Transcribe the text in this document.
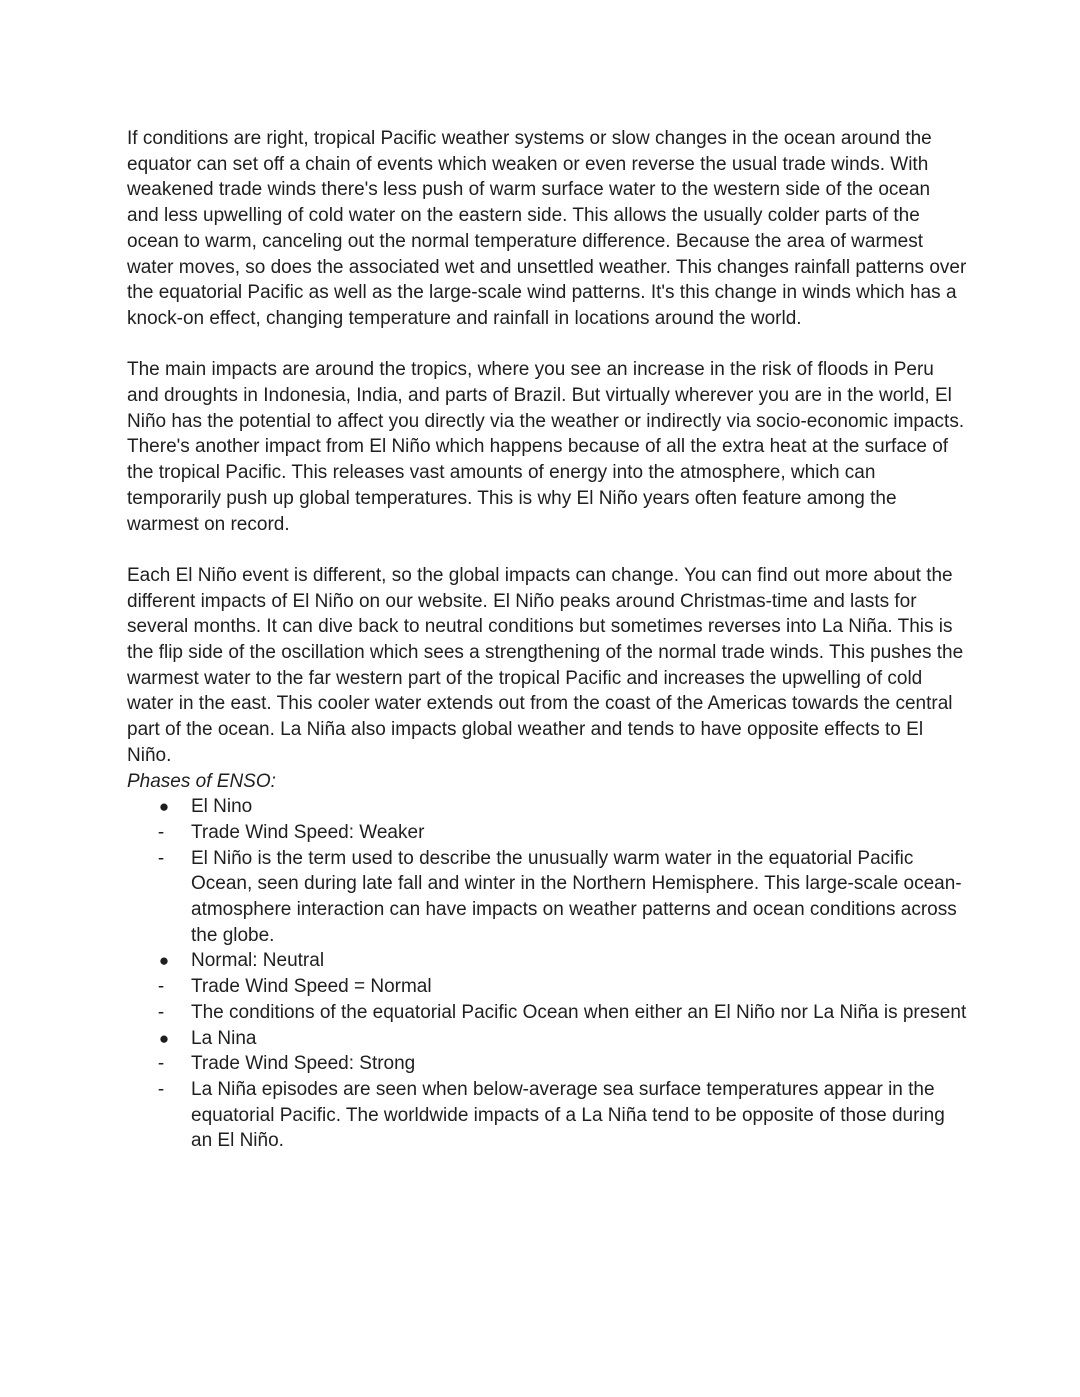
If conditions are right, tropical Pacific weather systems or slow changes in the ocean around the equator can set off a chain of events which weaken or even reverse the usual trade winds. With weakened trade winds there's less push of warm surface water to the western side of the ocean and less upwelling of cold water on the eastern side. This allows the usually colder parts of the ocean to warm, canceling out the normal temperature difference. Because the area of warmest water moves, so does the associated wet and unsettled weather. This changes rainfall patterns over the equatorial Pacific as well as the large-scale wind patterns. It's this change in winds which has a knock-on effect, changing temperature and rainfall in locations around the world.

The main impacts are around the tropics, where you see an increase in the risk of floods in Peru and droughts in Indonesia, India, and parts of Brazil. But virtually wherever you are in the world, El Niño has the potential to affect you directly via the weather or indirectly via socio-economic impacts. There's another impact from El Niño which happens because of all the extra heat at the surface of the tropical Pacific. This releases vast amounts of energy into the atmosphere, which can temporarily push up global temperatures. This is why El Niño years often feature among the warmest on record.

Each El Niño event is different, so the global impacts can change. You can find out more about the different impacts of El Niño on our website. El Niño peaks around Christmas-time and lasts for several months. It can dive back to neutral conditions but sometimes reverses into La Niña. This is the flip side of the oscillation which sees a strengthening of the normal trade winds. This pushes the warmest water to the far western part of the tropical Pacific and increases the upwelling of cold water in the east. This cooler water extends out from the coast of the Americas towards the central part of the ocean. La Niña also impacts global weather and tends to have opposite effects to El Niño.

Phases of ENSO:

● El Nino
-	Trade Wind Speed: Weaker
-	El Niño is the term used to describe the unusually warm water in the equatorial Pacific Ocean, seen during late fall and winter in the Northern Hemisphere. This large-scale ocean-atmosphere interaction can have impacts on weather patterns and ocean conditions across the globe.
● Normal: Neutral
-	Trade Wind Speed = Normal
-	The conditions of the equatorial Pacific Ocean when either an El Niño nor La Niña is present
● La Nina
-	Trade Wind Speed: Strong
-	La Niña episodes are seen when below-average sea surface temperatures appear in the equatorial Pacific. The worldwide impacts of a La Niña tend to be opposite of those during an El Niño.
